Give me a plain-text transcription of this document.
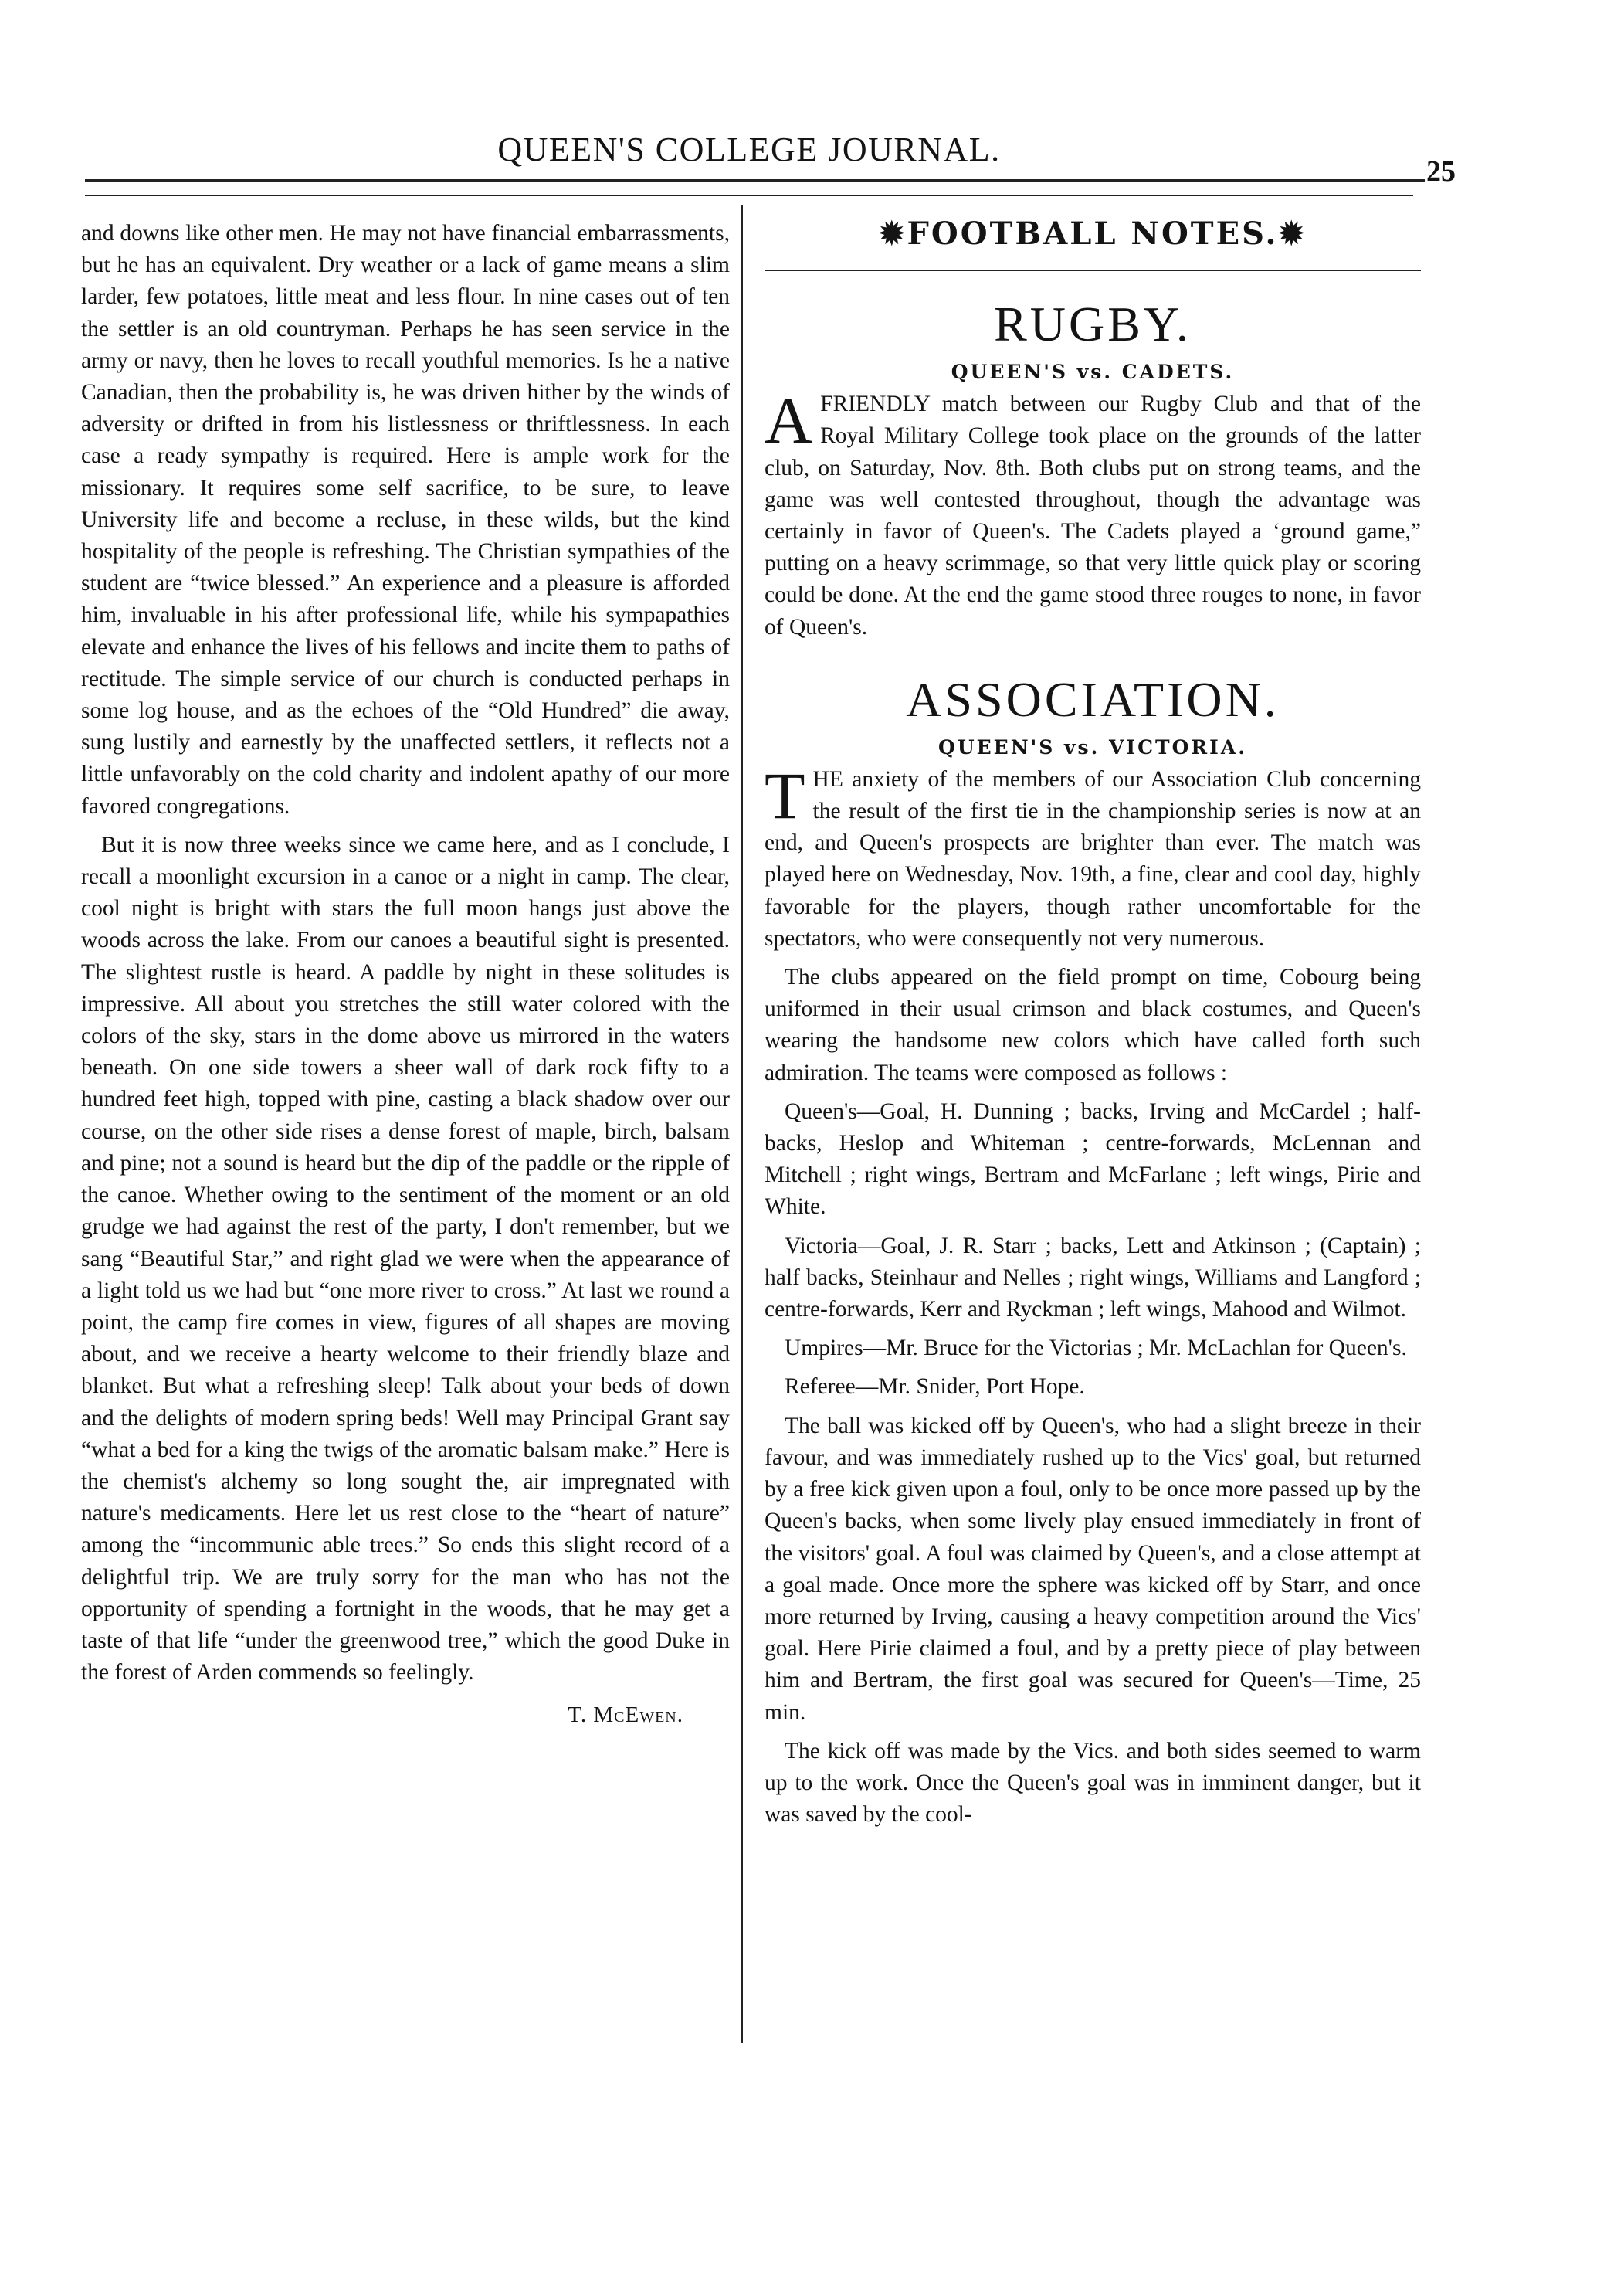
QUEEN'S COLLEGE JOURNAL.
25

and downs like other men. He may not have financial embarrassments, but he has an equivalent. Dry weather or a lack of game means a slim larder, few potatoes, little meat and less flour. In nine cases out of ten the settler is an old countryman. Perhaps he has seen service in the army or navy, then he loves to recall youthful memories. Is he a native Canadian, then the probability is, he was driven hither by the winds of adversity or drifted in from his listlessness or thriftlessness. In each case a ready sympathy is required. Here is ample work for the missionary. It requires some self sacrifice, to be sure, to leave University life and become a recluse, in these wilds, but the kind hospitality of the people is refreshing. The Christian sympathies of the student are “twice blessed.” An experience and a pleasure is afforded him, invaluable in his after professional life, while his sympapathies elevate and enhance the lives of his fellows and incite them to paths of rectitude. The simple service of our church is conducted perhaps in some log house, and as the echoes of the “Old Hundred” die away, sung lustily and earnestly by the unaffected settlers, it reflects not a little unfavorably on the cold charity and indolent apathy of our more favored congregations.

But it is now three weeks since we came here, and as I conclude, I recall a moonlight excursion in a canoe or a night in camp. The clear, cool night is bright with stars the full moon hangs just above the woods across the lake. From our canoes a beautiful sight is presented. The slightest rustle is heard. A paddle by night in these solitudes is impressive. All about you stretches the still water colored with the colors of the sky, stars in the dome above us mirrored in the waters beneath. On one side towers a sheer wall of dark rock fifty to a hundred feet high, topped with pine, casting a black shadow over our course, on the other side rises a dense forest of maple, birch, balsam and pine; not a sound is heard but the dip of the paddle or the ripple of the canoe. Whether owing to the sentiment of the moment or an old grudge we had against the rest of the party, I don't remember, but we sang “Beautiful Star,” and right glad we were when the appearance of a light told us we had but “one more river to cross.” At last we round a point, the camp fire comes in view, figures of all shapes are moving about, and we receive a hearty welcome to their friendly blaze and blanket. But what a refreshing sleep! Talk about your beds of down and the delights of modern spring beds! Well may Principal Grant say “what a bed for a king the twigs of the aromatic balsam make.” Here is the chemist's alchemy so long sought the, air impregnated with nature's medicaments. Here let us rest close to the “heart of nature” among the “incommunic able trees.” So ends this slight record of a delightful trip. We are truly sorry for the man who has not the opportunity of spending a fortnight in the woods, that he may get a taste of that life “under the greenwood tree,” which the good Duke in the forest of Arden commends so feelingly.

T. McEwen.
✹FOOTBALL NOTES.✹
RUGBY.
QUEEN'S vs. CADETS.

AFRIENDLY match between our Rugby Club and that of the Royal Military College took place on the grounds of the latter club, on Saturday, Nov. 8th. Both clubs put on strong teams, and the game was well contested throughout, though the advantage was certainly in favor of Queen's. The Cadets played a ‘ground game,” putting on a heavy scrimmage, so that very little quick play or scoring could be done. At the end the game stood three rouges to none, in favor of Queen's.

ASSOCIATION.
QUEEN'S vs. VICTORIA.

THE anxiety of the members of our Association Club concerning the result of the first tie in the championship series is now at an end, and Queen's prospects are brighter than ever. The match was played here on Wednesday, Nov. 19th, a fine, clear and cool day, highly favorable for the players, though rather uncomfortable for the spectators, who were consequently not very numerous.

The clubs appeared on the field prompt on time, Cobourg being uniformed in their usual crimson and black costumes, and Queen's wearing the handsome new colors which have called forth such admiration. The teams were composed as follows :

Queen's—Goal, H. Dunning ; backs, Irving and McCardel ; half-backs, Heslop and Whiteman ; centre-forwards, McLennan and Mitchell ; right wings, Bertram and McFarlane ; left wings, Pirie and White.

Victoria—Goal, J. R. Starr ; backs, Lett and Atkinson ; (Captain) ; half backs, Steinhaur and Nelles ; right wings, Williams and Langford ; centre-forwards, Kerr and Ryckman ; left wings, Mahood and Wilmot.

Umpires—Mr. Bruce for the Victorias ; Mr. McLachlan for Queen's.

Referee—Mr. Snider, Port Hope.

The ball was kicked off by Queen's, who had a slight breeze in their favour, and was immediately rushed up to the Vics' goal, but returned by a free kick given upon a foul, only to be once more passed up by the Queen's backs, when some lively play ensued immediately in front of the visitors' goal. A foul was claimed by Queen's, and a close attempt at a goal made. Once more the sphere was kicked off by Starr, and once more returned by Irving, causing a heavy competition around the Vics' goal. Here Pirie claimed a foul, and by a pretty piece of play between him and Bertram, the first goal was secured for Queen's—Time, 25 min.

The kick off was made by the Vics. and both sides seemed to warm up to the work. Once the Queen's goal was in imminent danger, but it was saved by the cool-
